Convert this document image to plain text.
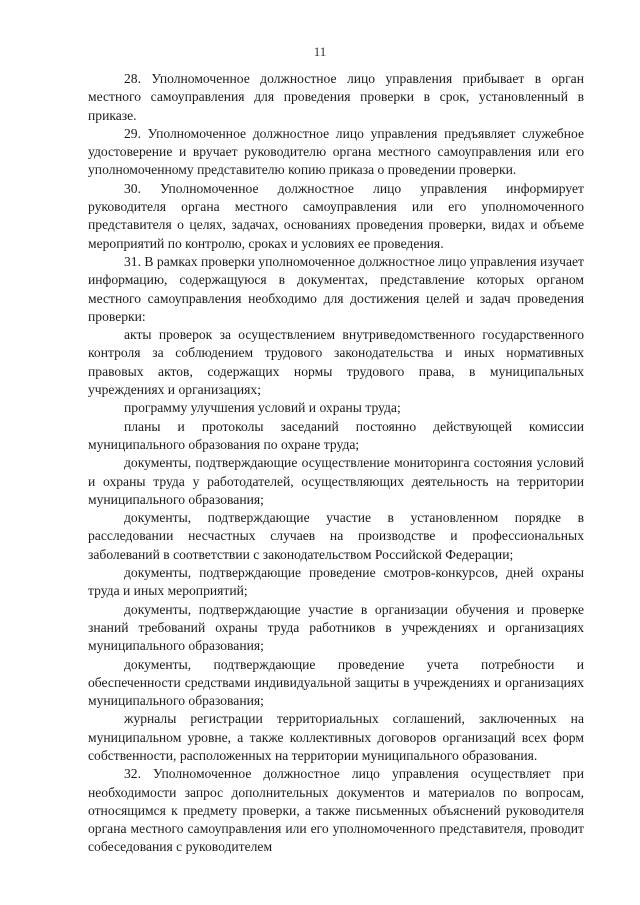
11

28. Уполномоченное должностное лицо управления прибывает в орган местного самоуправления для проведения проверки в срок, установленный в приказе.

29. Уполномоченное должностное лицо управления предъявляет служебное удостоверение и вручает руководителю органа местного самоуправления или его уполномоченному представителю копию приказа о проведении проверки.

30. Уполномоченное должностное лицо управления информирует руководителя органа местного самоуправления или его уполномоченного представителя о целях, задачах, основаниях проведения проверки, видах и объеме мероприятий по контролю, сроках и условиях ее проведения.

31. В рамках проверки уполномоченное должностное лицо управления изучает информацию, содержащуюся в документах, представление которых органом местного самоуправления необходимо для достижения целей и задач проведения проверки:

акты проверок за осуществлением внутриведомственного государственного контроля за соблюдением трудового законодательства и иных нормативных правовых актов, содержащих нормы трудового права, в муниципальных учреждениях и организациях;

программу улучшения условий и охраны труда;

планы и протоколы заседаний постоянно действующей комиссии муниципального образования по охране труда;

документы, подтверждающие осуществление мониторинга состояния условий и охраны труда у работодателей, осуществляющих деятельность на территории муниципального образования;

документы, подтверждающие участие в установленном порядке в расследовании несчастных случаев на производстве и профессиональных заболеваний в соответствии с законодательством Российской Федерации;

документы, подтверждающие проведение смотров-конкурсов, дней охраны труда и иных мероприятий;

документы, подтверждающие участие в организации обучения и проверке знаний требований охраны труда работников в учреждениях и организациях муниципального образования;

документы, подтверждающие проведение учета потребности и обеспеченности средствами индивидуальной защиты в учреждениях и организациях муниципального образования;

журналы регистрации территориальных соглашений, заключенных на муниципальном уровне, а также коллективных договоров организаций всех форм собственности, расположенных на территории муниципального образования.

32. Уполномоченное должностное лицо управления осуществляет при необходимости запрос дополнительных документов и материалов по вопросам, относящимся к предмету проверки, а также письменных объяснений руководителя органа местного самоуправления или его уполномоченного представителя, проводит собеседования с руководителем
